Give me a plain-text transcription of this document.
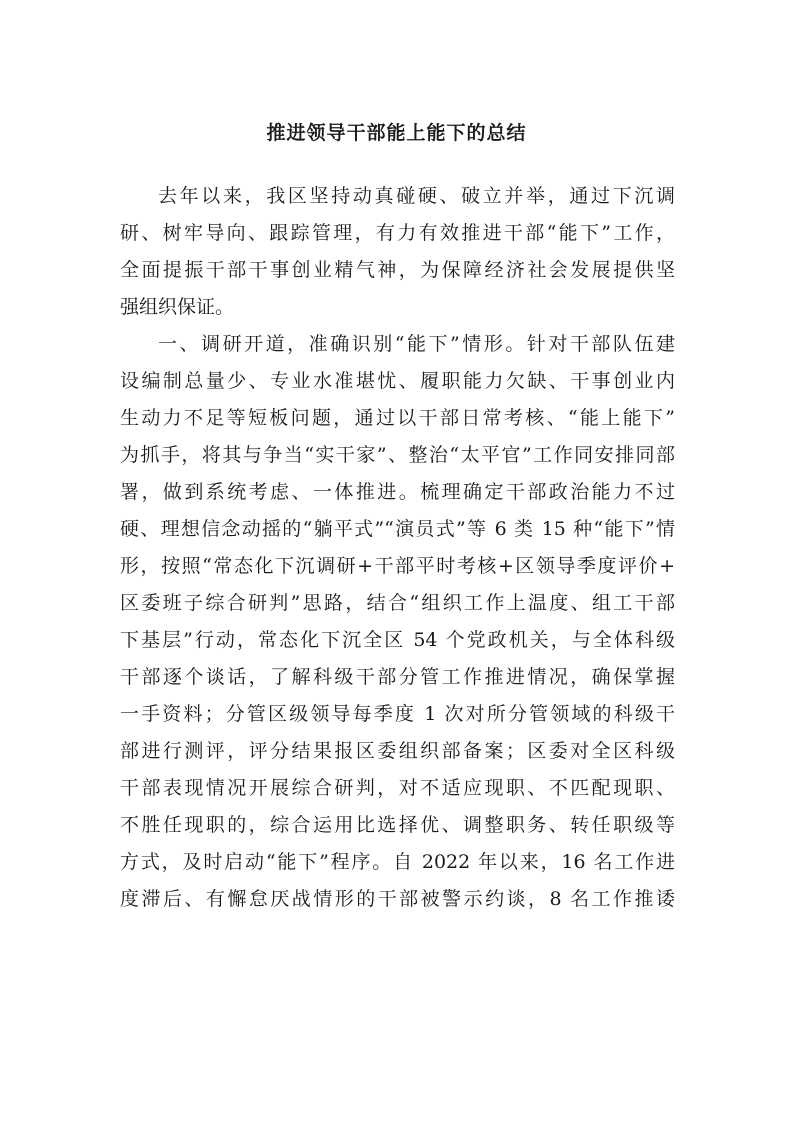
推进领导干部能上能下的总结

去年以来，我区坚持动真碰硬、破立并举，通过下沉调
研、树牢导向、跟踪管理，有力有效推进干部“能下”工作，
全面提振干部干事创业精气神，为保障经济社会发展提供坚
强组织保证。

一、调研开道，准确识别“能下”情形。针对干部队伍建
设编制总量少、专业水准堪忧、履职能力欠缺、干事创业内
生动力不足等短板问题，通过以干部日常考核、“能上能下”
为抓手，将其与争当“实干家”、整治“太平官”工作同安排同部
署，做到系统考虑、一体推进。梳理确定干部政治能力不过
硬、理想信念动摇的“躺平式”“演员式”等 6 类 15 种“能下”情
形，按照“常态化下沉调研+干部平时考核+区领导季度评价+
区委班子综合研判”思路，结合“组织工作上温度、组工干部
下基层”行动，常态化下沉全区 54 个党政机关，与全体科级
干部逐个谈话，了解科级干部分管工作推进情况，确保掌握
一手资料；分管区级领导每季度 1 次对所分管领域的科级干
部进行测评，评分结果报区委组织部备案；区委对全区科级
干部表现情况开展综合研判，对不适应现职、不匹配现职、
不胜任现职的，综合运用比选择优、调整职务、转任职级等
方式，及时启动“能下”程序。自 2022 年以来，16 名工作进
度滞后、有懈怠厌战情形的干部被警示约谈，8 名工作推诿
